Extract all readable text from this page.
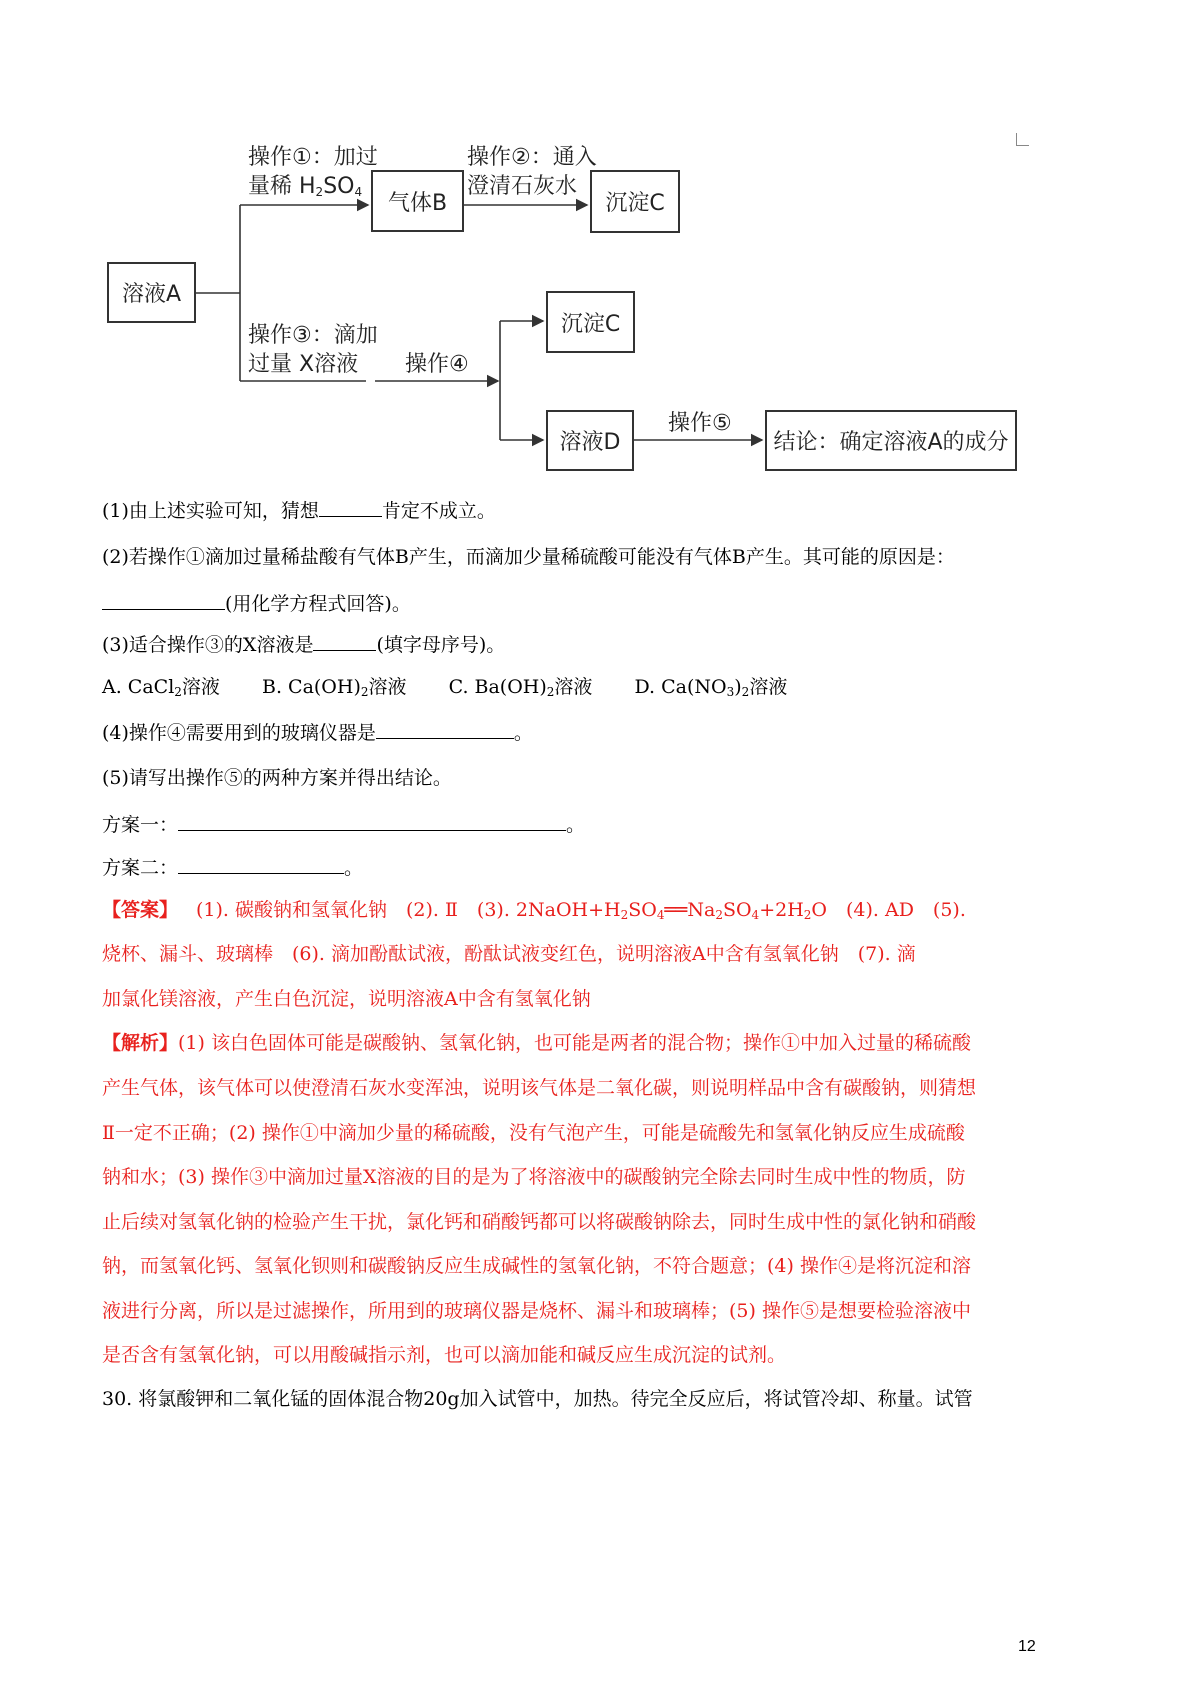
溶液A
气体B	沉淀C
沉淀C
溶液D	结论：确定溶液A的成分
操作①：加过
量稀 $H_2SO_4$
操作②：通入
澄清石灰水
操作③：滴加
过量 X溶液 操作④
操作⑤
(1)由上述实验可知，猜想	肯定不成立。
(2)若操作①滴加过量稀盐酸有气体B产生，而滴加少量稀硫酸可能没有气体B产生。其可能的原因是：
(用化学方程式回答)。
(3)适合操作③的X溶液是	(填字母序号)。
A. CaCl$_2$溶液 B. $Ca(OH)_2$溶液 C. $Ba(OH)_2$溶液 D. $Ca(NO_3)_2$溶液
(4)操作④需要用到的玻璃仪器是	。
(5)请写出操作⑤的两种方案并得出结论。
方案一：	。
方案二：	。
【答案】 (1). 碳酸钠和氢氧化钠　(2). Ⅱ　(3). $2NaOH+H_2SO_4══Na_2SO_4+2H_2O$　(4). AD　(5).
烧杯、漏斗、玻璃棒　(6). 滴加酚酞试液，酚酞试液变红色，说明溶液A中含有氢氧化钠　(7). 滴
加氯化镁溶液，产生白色沉淀，说明溶液A中含有氢氧化钠
【解析】(1) 该白色固体可能是碳酸钠、氢氧化钠，也可能是两者的混合物；操作①中加入过量的稀硫酸
产生气体，该气体可以使澄清石灰水变浑浊，说明该气体是二氧化碳，则说明样品中含有碳酸钠，则猜想
Ⅱ一定不正确；(2) 操作①中滴加少量的稀硫酸，没有气泡产生，可能是硫酸先和氢氧化钠反应生成硫酸
钠和水；(3) 操作③中滴加过量X溶液的目的是为了将溶液中的碳酸钠完全除去同时生成中性的物质，防
止后续对氢氧化钠的检验产生干扰，氯化钙和硝酸钙都可以将碳酸钠除去，同时生成中性的氯化钠和硝酸
钠，而氢氧化钙、氢氧化钡则和碳酸钠反应生成碱性的氢氧化钠，不符合题意；(4) 操作④是将沉淀和溶
液进行分离，所以是过滤操作，所用到的玻璃仪器是烧杯、漏斗和玻璃棒；(5) 操作⑤是想要检验溶液中
是否含有氢氧化钠，可以用酸碱指示剂，也可以滴加能和碱反应生成沉淀的试剂。
30. 将氯酸钾和二氧化锰的固体混合物20g加入试管中，加热。待完全反应后，将试管冷却、称量。试管
12
